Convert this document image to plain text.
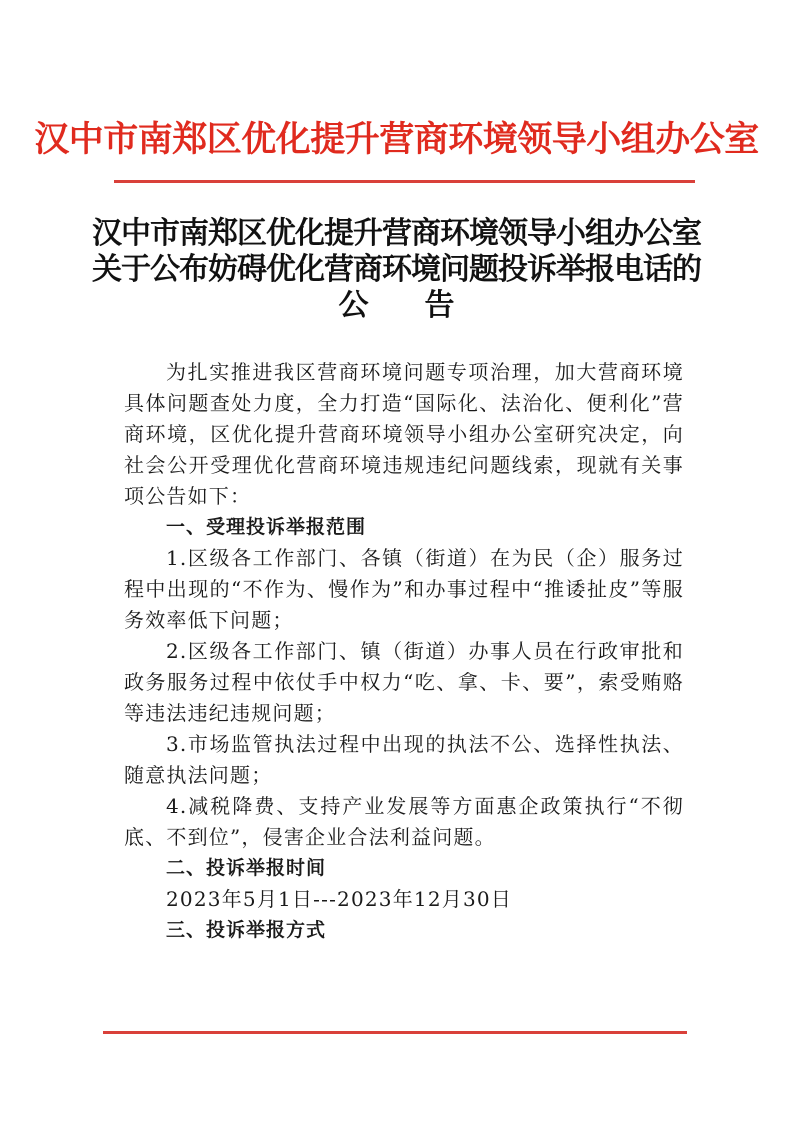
汉中市南郑区优化提升营商环境领导小组办公室
汉中市南郑区优化提升营商环境领导小组办公室
关于公布妨碍优化营商环境问题投诉举报电话的
公告

为扎实推进我区营商环境问题专项治理，加大营商环境具体问题查处力度，全力打造“国际化、法治化、便利化”营商环境，区优化提升营商环境领导小组办公室研究决定，向社会公开受理优化营商环境违规违纪问题线索，现就有关事项公告如下：

一、受理投诉举报范围

1.区级各工作部门、各镇（街道）在为民（企）服务过程中出现的“不作为、慢作为”和办事过程中“推诿扯皮”等服务效率低下问题；

2.区级各工作部门、镇（街道）办事人员在行政审批和政务服务过程中依仗手中权力“吃、拿、卡、要”，索受贿赂等违法违纪违规问题；

3.市场监管执法过程中出现的执法不公、选择性执法、随意执法问题；

4.减税降费、支持产业发展等方面惠企政策执行“不彻底、不到位”，侵害企业合法利益问题。

二、投诉举报时间

2023年5月1日---2023年12月30日

三、投诉举报方式
